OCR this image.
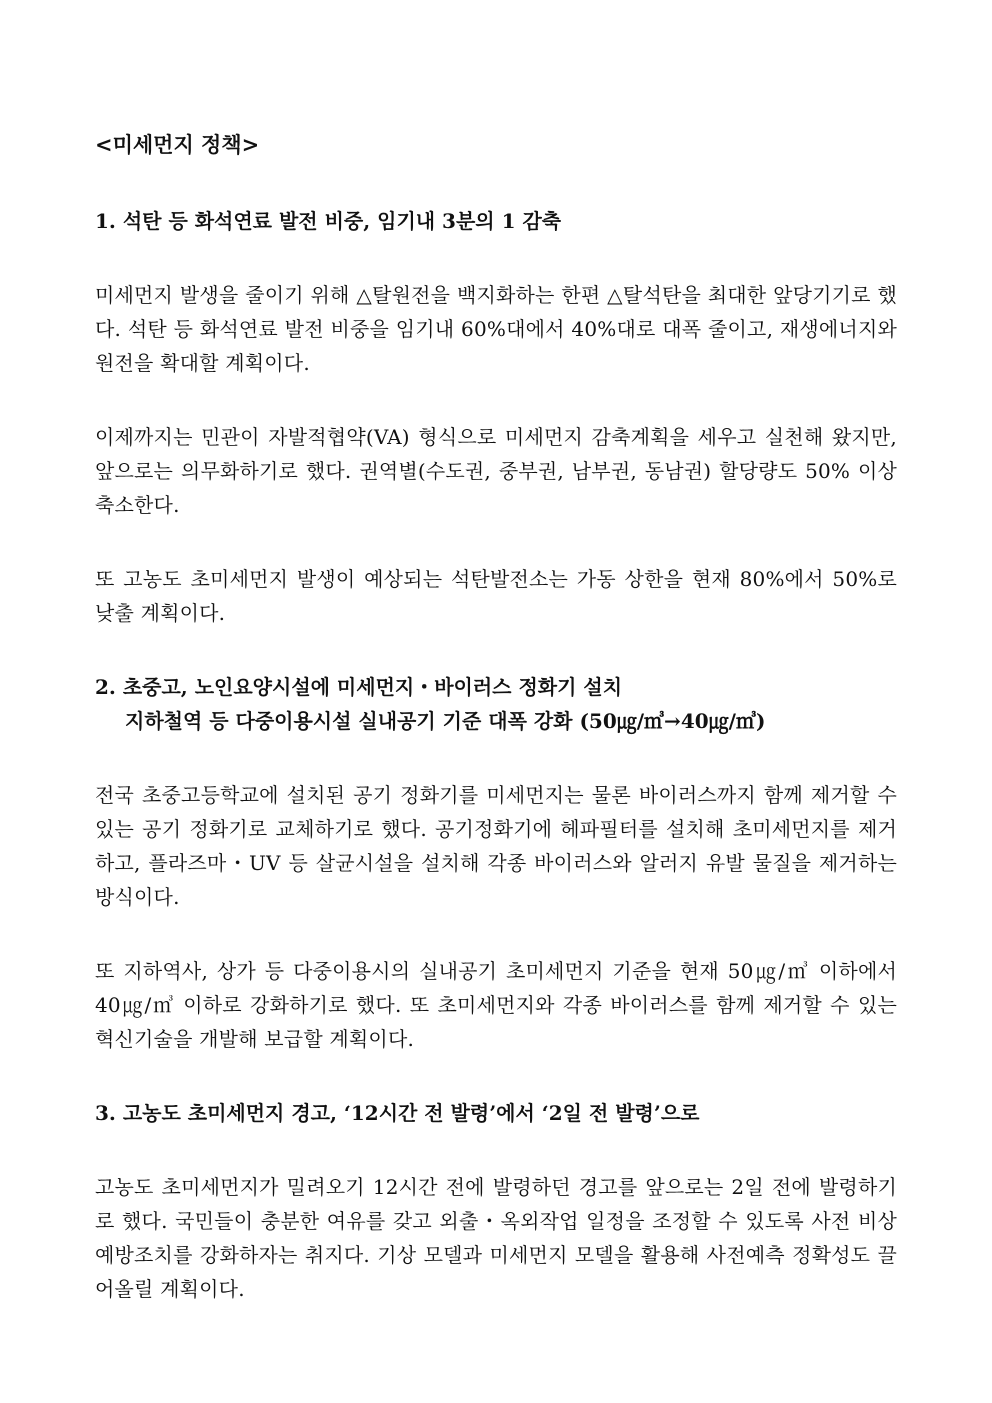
<미세먼지 정책>
1. 석탄 등 화석연료 발전 비중, 임기내 3분의 1 감축

미세먼지 발생을 줄이기 위해 △탈원전을 백지화하는 한편 △탈석탄을 최대한 앞당기기로 했다. 석탄 등 화석연료 발전 비중을 임기내 60%대에서 40%대로 대폭 줄이고, 재생에너지와 원전을 확대할 계획이다.

이제까지는 민관이 자발적협약(VA) 형식으로 미세먼지 감축계획을 세우고 실천해 왔지만, 앞으로는 의무화하기로 했다. 권역별(수도권, 중부권, 남부권, 동남권) 할당량도 50% 이상 축소한다.

또 고농도 초미세먼지 발생이 예상되는 석탄발전소는 가동 상한을 현재 80%에서 50%로 낮출 계획이다.

2. 초중고, 노인요양시설에 미세먼지・바이러스 정화기 설치
지하철역 등 다중이용시설 실내공기 기준 대폭 강화 (50㎍/㎥→40㎍/㎥)

전국 초중고등학교에 설치된 공기 정화기를 미세먼지는 물론 바이러스까지 함께 제거할 수 있는 공기 정화기로 교체하기로 했다. 공기정화기에 헤파필터를 설치해 초미세먼지를 제거하고, 플라즈마・UV 등 살균시설을 설치해 각종 바이러스와 알러지 유발 물질을 제거하는 방식이다.

또 지하역사, 상가 등 다중이용시의 실내공기 초미세먼지 기준을 현재 50㎍/㎥ 이하에서 40㎍/㎥ 이하로 강화하기로 했다. 또 초미세먼지와 각종 바이러스를 함께 제거할 수 있는 혁신기술을 개발해 보급할 계획이다.

3. 고농도 초미세먼지 경고, ‘12시간 전 발령’에서 ‘2일 전 발령’으로

고농도 초미세먼지가 밀려오기 12시간 전에 발령하던 경고를 앞으로는 2일 전에 발령하기로 했다. 국민들이 충분한 여유를 갖고 외출・옥외작업 일정을 조정할 수 있도록 사전 비상예방조치를 강화하자는 취지다. 기상 모델과 미세먼지 모델을 활용해 사전예측 정확성도 끌어올릴 계획이다.
